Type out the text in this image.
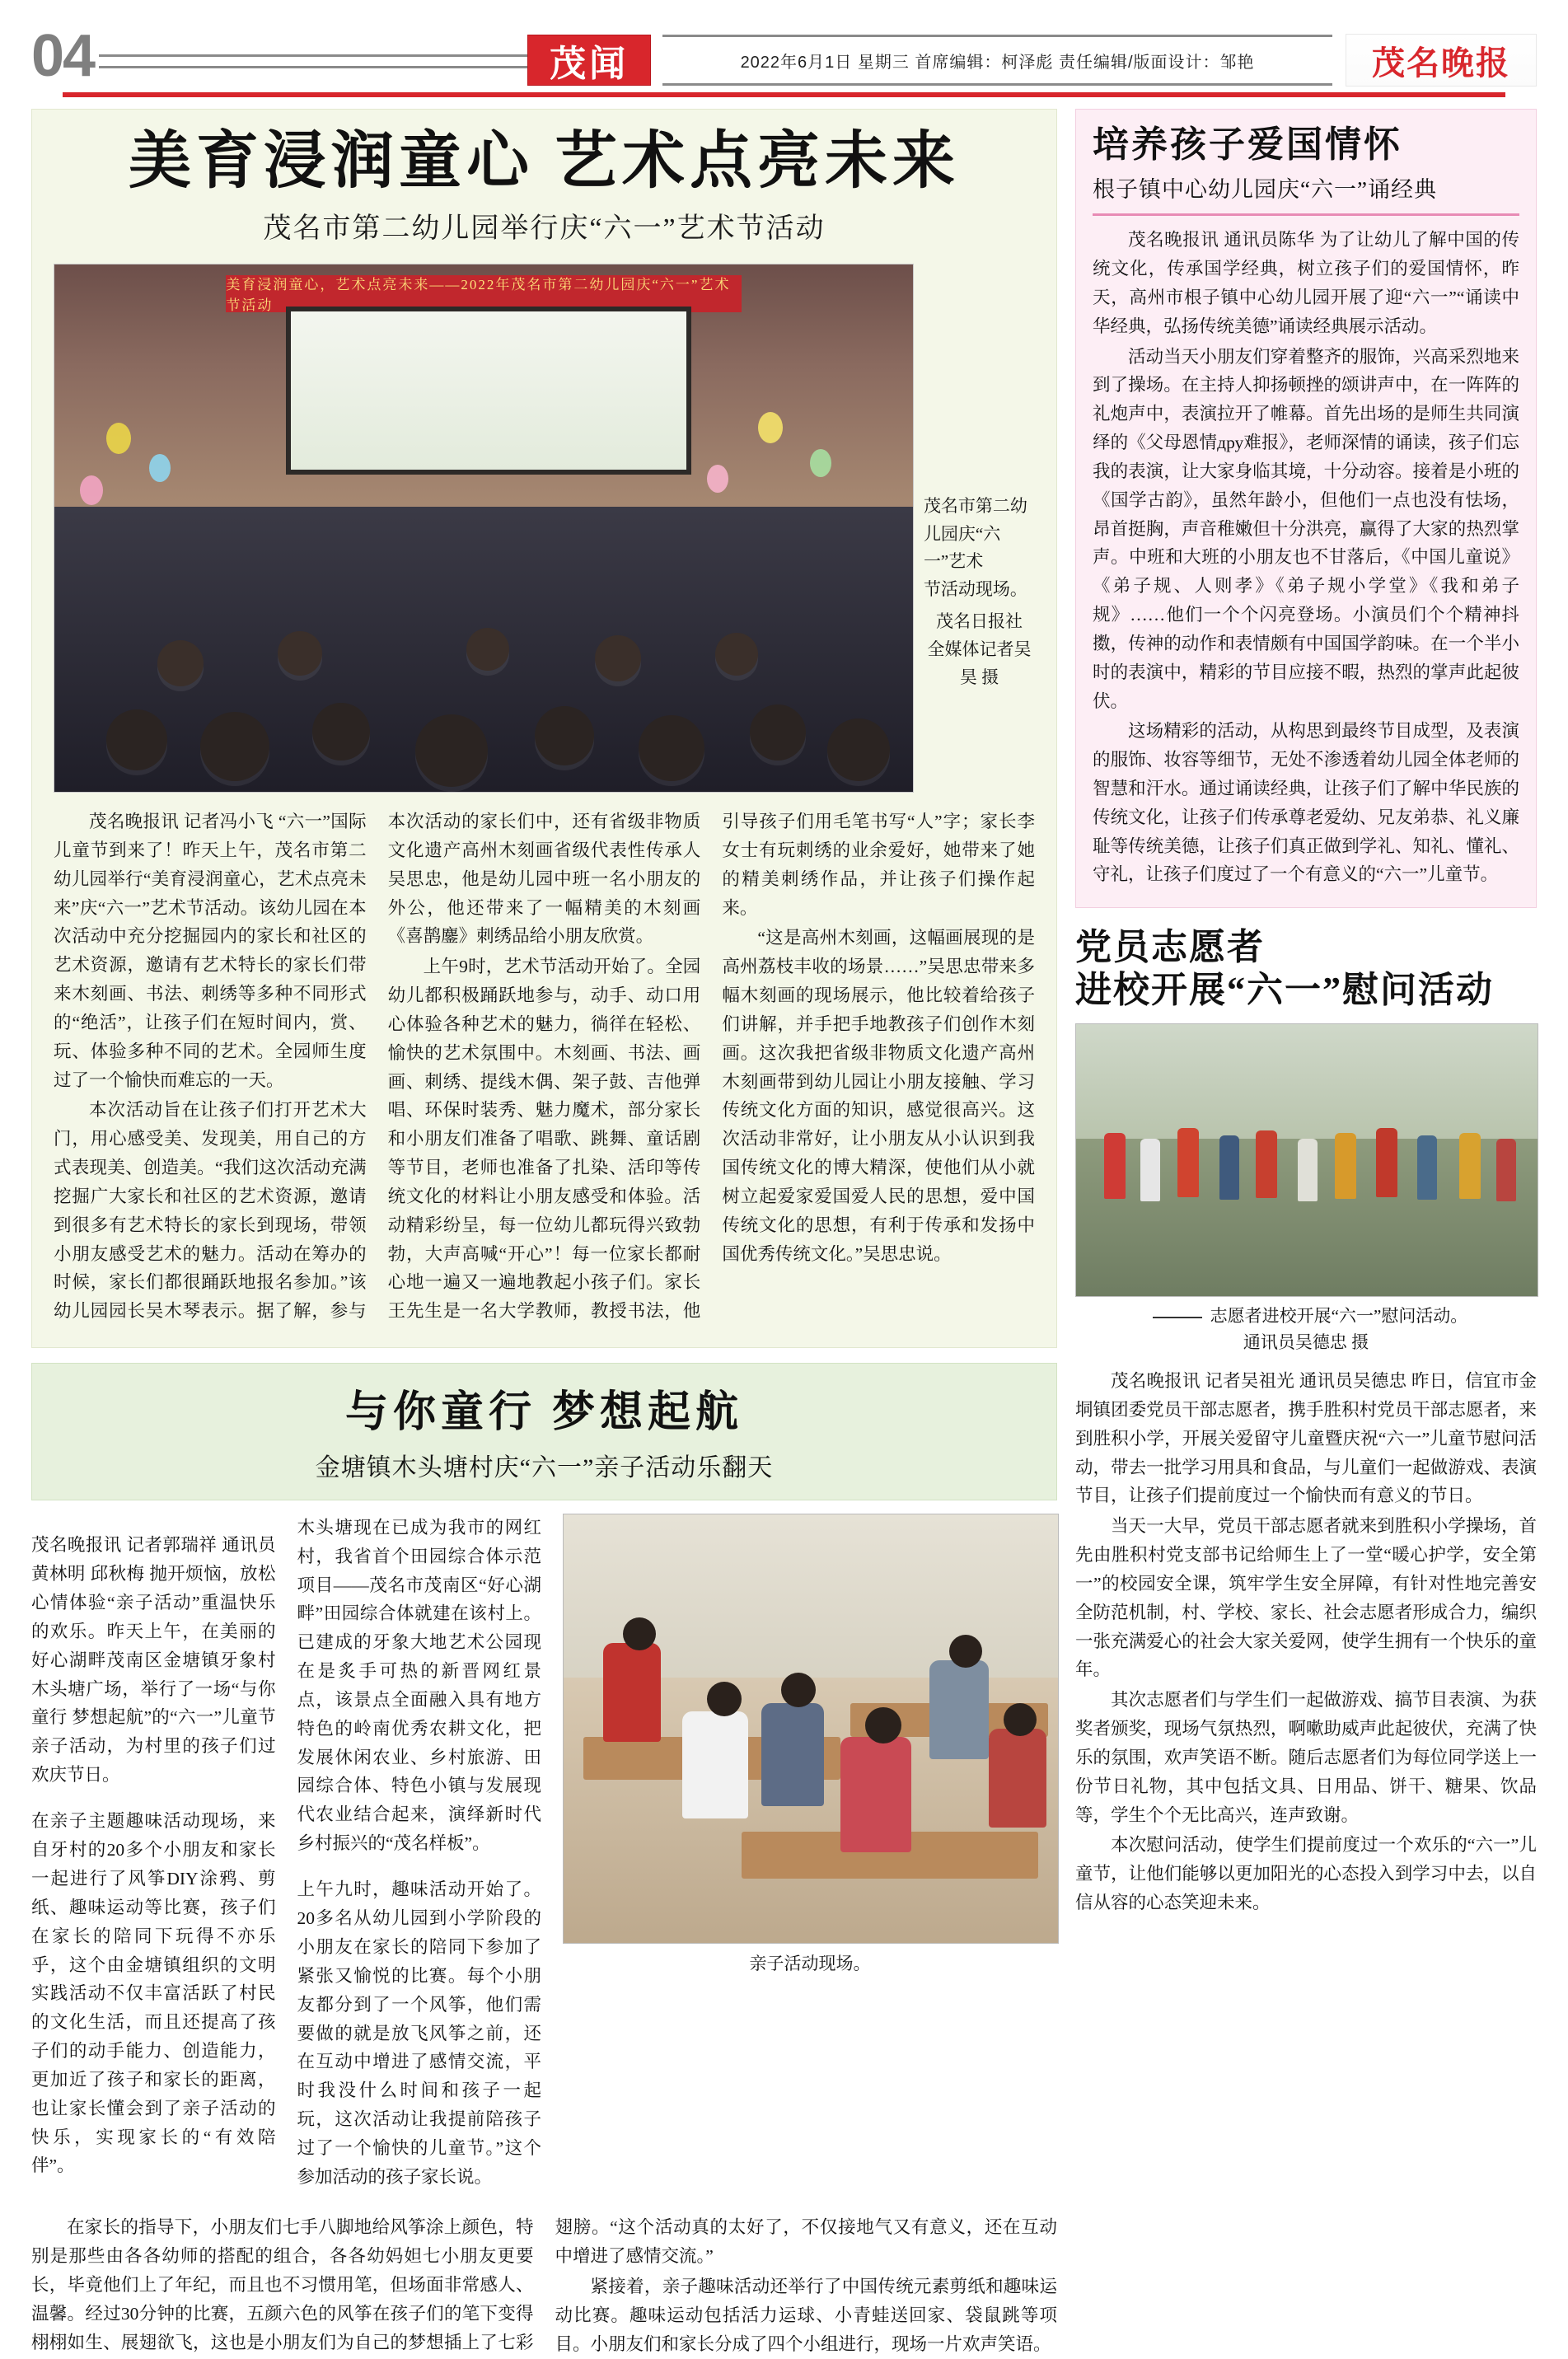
04	茂闻	2022年6月1日 星期三 首席编辑：柯泽彪 责任编辑/版面设计：邹艳	茂名晚报
美育浸润童心 艺术点亮未来
茂名市第二幼儿园举行庆“六一”艺术节活动
美育浸润童心，艺术点亮未来——2022年茂名市第二幼儿园庆“六一”艺术节活动
茂名市第二幼
儿园庆“六一”艺术
节活动现场。
茂名日报社
全媒体记者吴昊 摄

茂名晚报讯 记者冯小飞 “六一”国际儿童节到来了！昨天上午，茂名市第二幼儿园举行“美育浸润童心，艺术点亮未来”庆“六一”艺术节活动。该幼儿园在本次活动中充分挖掘园内的家长和社区的艺术资源，邀请有艺术特长的家长们带来木刻画、书法、刺绣等多种不同形式的“绝活”，让孩子们在短时间内，赏、玩、体验多种不同的艺术。全园师生度过了一个愉快而难忘的一天。

本次活动旨在让孩子们打开艺术大门，用心感受美、发现美，用自己的方式表现美、创造美。“我们这次活动充满挖掘广大家长和社区的艺术资源，邀请到很多有艺术特长的家长到现场，带领小朋友感受艺术的魅力。活动在筹办的时候，家长们都很踊跃地报名参加。”该幼儿园园长吴木琴表示。据了解，参与本次活动的家长们中，还有省级非物质文化遗产高州木刻画省级代表性传承人吴思忠，他是幼儿园中班一名小朋友的外公，他还带来了一幅精美的木刻画《喜鹊鏖》刺绣品给小朋友欣赏。

上午9时，艺术节活动开始了。全园幼儿都积极踊跃地参与，动手、动口用心体验各种艺术的魅力，徜徉在轻松、愉快的艺术氛围中。木刻画、书法、画画、刺绣、提线木偶、架子鼓、吉他弹唱、环保时装秀、魅力魔术，部分家长和小朋友们准备了唱歌、跳舞、童话剧等节目，老师也准备了扎染、活印等传统文化的材料让小朋友感受和体验。活动精彩纷呈，每一位幼儿都玩得兴致勃勃，大声高喊“开心”！每一位家长都耐心地一遍又一遍地教起小孩子们。家长王先生是一名大学教师，教授书法，他引导孩子们用毛笔书写“人”字；家长李女士有玩刺绣的业余爱好，她带来了她的精美刺绣作品，并让孩子们操作起来。

“这是高州木刻画，这幅画展现的是高州荔枝丰收的场景……”吴思忠带来多幅木刻画的现场展示，他比较着给孩子们讲解，并手把手地教孩子们创作木刻画。这次我把省级非物质文化遗产高州木刻画带到幼儿园让小朋友接触、学习传统文化方面的知识，感觉很高兴。这次活动非常好，让小朋友从小认识到我国传统文化的博大精深，使他们从小就树立起爱家爱国爱人民的思想，爱中国传统文化的思想，有利于传承和发扬中国优秀传统文化。”吴思忠说。

与你童行 梦想起航
金塘镇木头塘村庆“六一”亲子活动乐翻天

茂名晚报讯 记者郭瑞祥 通讯员黄林明 邱秋梅 抛开烦恼，放松心情体验“亲子活动”重温快乐的欢乐。昨天上午，在美丽的好心湖畔茂南区金塘镇牙象村木头塘广场，举行了一场“与你童行 梦想起航”的“六一”儿童节亲子活动，为村里的孩子们过欢庆节日。

在亲子主题趣味活动现场，来自牙村的20多个小朋友和家长一起进行了风筝DIY涂鸦、剪纸、趣味运动等比赛，孩子们在家长的陪同下玩得不亦乐乎，这个由金塘镇组织的文明实践活动不仅丰富活跃了村民的文化生活，而且还提高了孩子们的动手能力、创造能力，更加近了孩子和家长的距离，也让家长懂会到了亲子活动的快乐，实现家长的“有效陪伴”。

木头塘现在已成为我市的网红村，我省首个田园综合体示范项目——茂名市茂南区“好心湖畔”田园综合体就建在该村上。已建成的牙象大地艺术公园现在是炙手可热的新晋网红景点，该景点全面融入具有地方特色的岭南优秀农耕文化，把发展休闲农业、乡村旅游、田园综合体、特色小镇与发展现代农业结合起来，演绎新时代乡村振兴的“茂名样板”。

上午九时，趣味活动开始了。20多名从幼儿园到小学阶段的小朋友在家长的陪同下参加了紧张又愉悦的比赛。每个小朋友都分到了一个风筝，他们需要做的就是放飞风筝之前，还在互动中增进了感情交流，平时我没什么时间和孩子一起玩，这次活动让我提前陪孩子过了一个愉快的儿童节。”这个参加活动的孩子家长说。

亲子活动现场。

在家长的指导下，小朋友们七手八脚地给风筝涂上颜色，特别是那些由各各幼师的搭配的组合，各各幼妈妲七小朋友更要长，毕竟他们上了年纪，而且也不习惯用笔，但场面非常感人、温馨。经过30分钟的比赛，五颜六色的风筝在孩子们的笔下变得栩栩如生、展翅欲飞，这也是小朋友们为自己的梦想插上了七彩翅膀。“这个活动真的太好了，不仅接地气又有意义，还在互动中增进了感情交流。”

紧接着，亲子趣味活动还举行了中国传统元素剪纸和趣味运动比赛。趣味运动包括活力运球、小青蛙送回家、袋鼠跳等项目。小朋友们和家长分成了四个小组进行，现场一片欢声笑语。

培养孩子爱国情怀
根子镇中心幼儿园庆“六一”诵经典

茂名晚报讯 通讯员陈华 为了让幼儿了解中国的传统文化，传承国学经典，树立孩子们的爱国情怀，昨天，高州市根子镇中心幼儿园开展了迎“六一”“诵读中华经典，弘扬传统美德”诵读经典展示活动。

活动当天小朋友们穿着整齐的服饰，兴高采烈地来到了操场。在主持人抑扬顿挫的颂讲声中，在一阵阵的礼炮声中，表演拉开了帷幕。首先出场的是师生共同演绎的《父母恩情дру难报》，老师深情的诵读，孩子们忘我的表演，让大家身临其境，十分动容。接着是小班的《国学古韵》，虽然年龄小，但他们一点也没有怯场，昂首挺胸，声音稚嫩但十分洪亮，赢得了大家的热烈掌声。中班和大班的小朋友也不甘落后，《中国儿童说》《弟子规、人则孝》《弟子规小学堂》《我和弟子规》……他们一个个闪亮登场。小演员们个个精神抖擞，传神的动作和表情颇有中国国学韵味。在一个半小时的表演中，精彩的节目应接不暇，热烈的掌声此起彼伏。

这场精彩的活动，从构思到最终节目成型，及表演的服饰、妆容等细节，无处不渗透着幼儿园全体老师的智慧和汗水。通过诵读经典，让孩子们了解中华民族的传统文化，让孩子们传承尊老爱幼、兄友弟恭、礼义廉耻等传统美德，让孩子们真正做到学礼、知礼、懂礼、守礼，让孩子们度过了一个有意义的“六一”儿童节。

党员志愿者
进校开展“六一”慰问活动
志愿者进校开展“六一”慰问活动。
通讯员吴德忠 摄

茂名晚报讯 记者吴祖光 通讯员吴德忠 昨日，信宜市金垌镇团委党员干部志愿者，携手胜积村党员干部志愿者，来到胜积小学，开展关爱留守儿童暨庆祝“六一”儿童节慰问活动，带去一批学习用具和食品，与儿童们一起做游戏、表演节目，让孩子们提前度过一个愉快而有意义的节日。

当天一大早，党员干部志愿者就来到胜积小学操场，首先由胜积村党支部书记给师生上了一堂“暖心护学，安全第一”的校园安全课，筑牢学生安全屏障，有针对性地完善安全防范机制，村、学校、家长、社会志愿者形成合力，编织一张充满爱心的社会大家关爱网，使学生拥有一个快乐的童年。

其次志愿者们与学生们一起做游戏、搞节目表演、为获奖者颁奖，现场气氛热烈，啊嗽助威声此起彼伏，充满了快乐的氛围，欢声笑语不断。随后志愿者们为每位同学送上一份节日礼物，其中包括文具、日用品、饼干、糖果、饮品等，学生个个无比高兴，连声致谢。

本次慰问活动，使学生们提前度过一个欢乐的“六一”儿童节，让他们能够以更加阳光的心态投入到学习中去，以自信从容的心态笑迎未来。
